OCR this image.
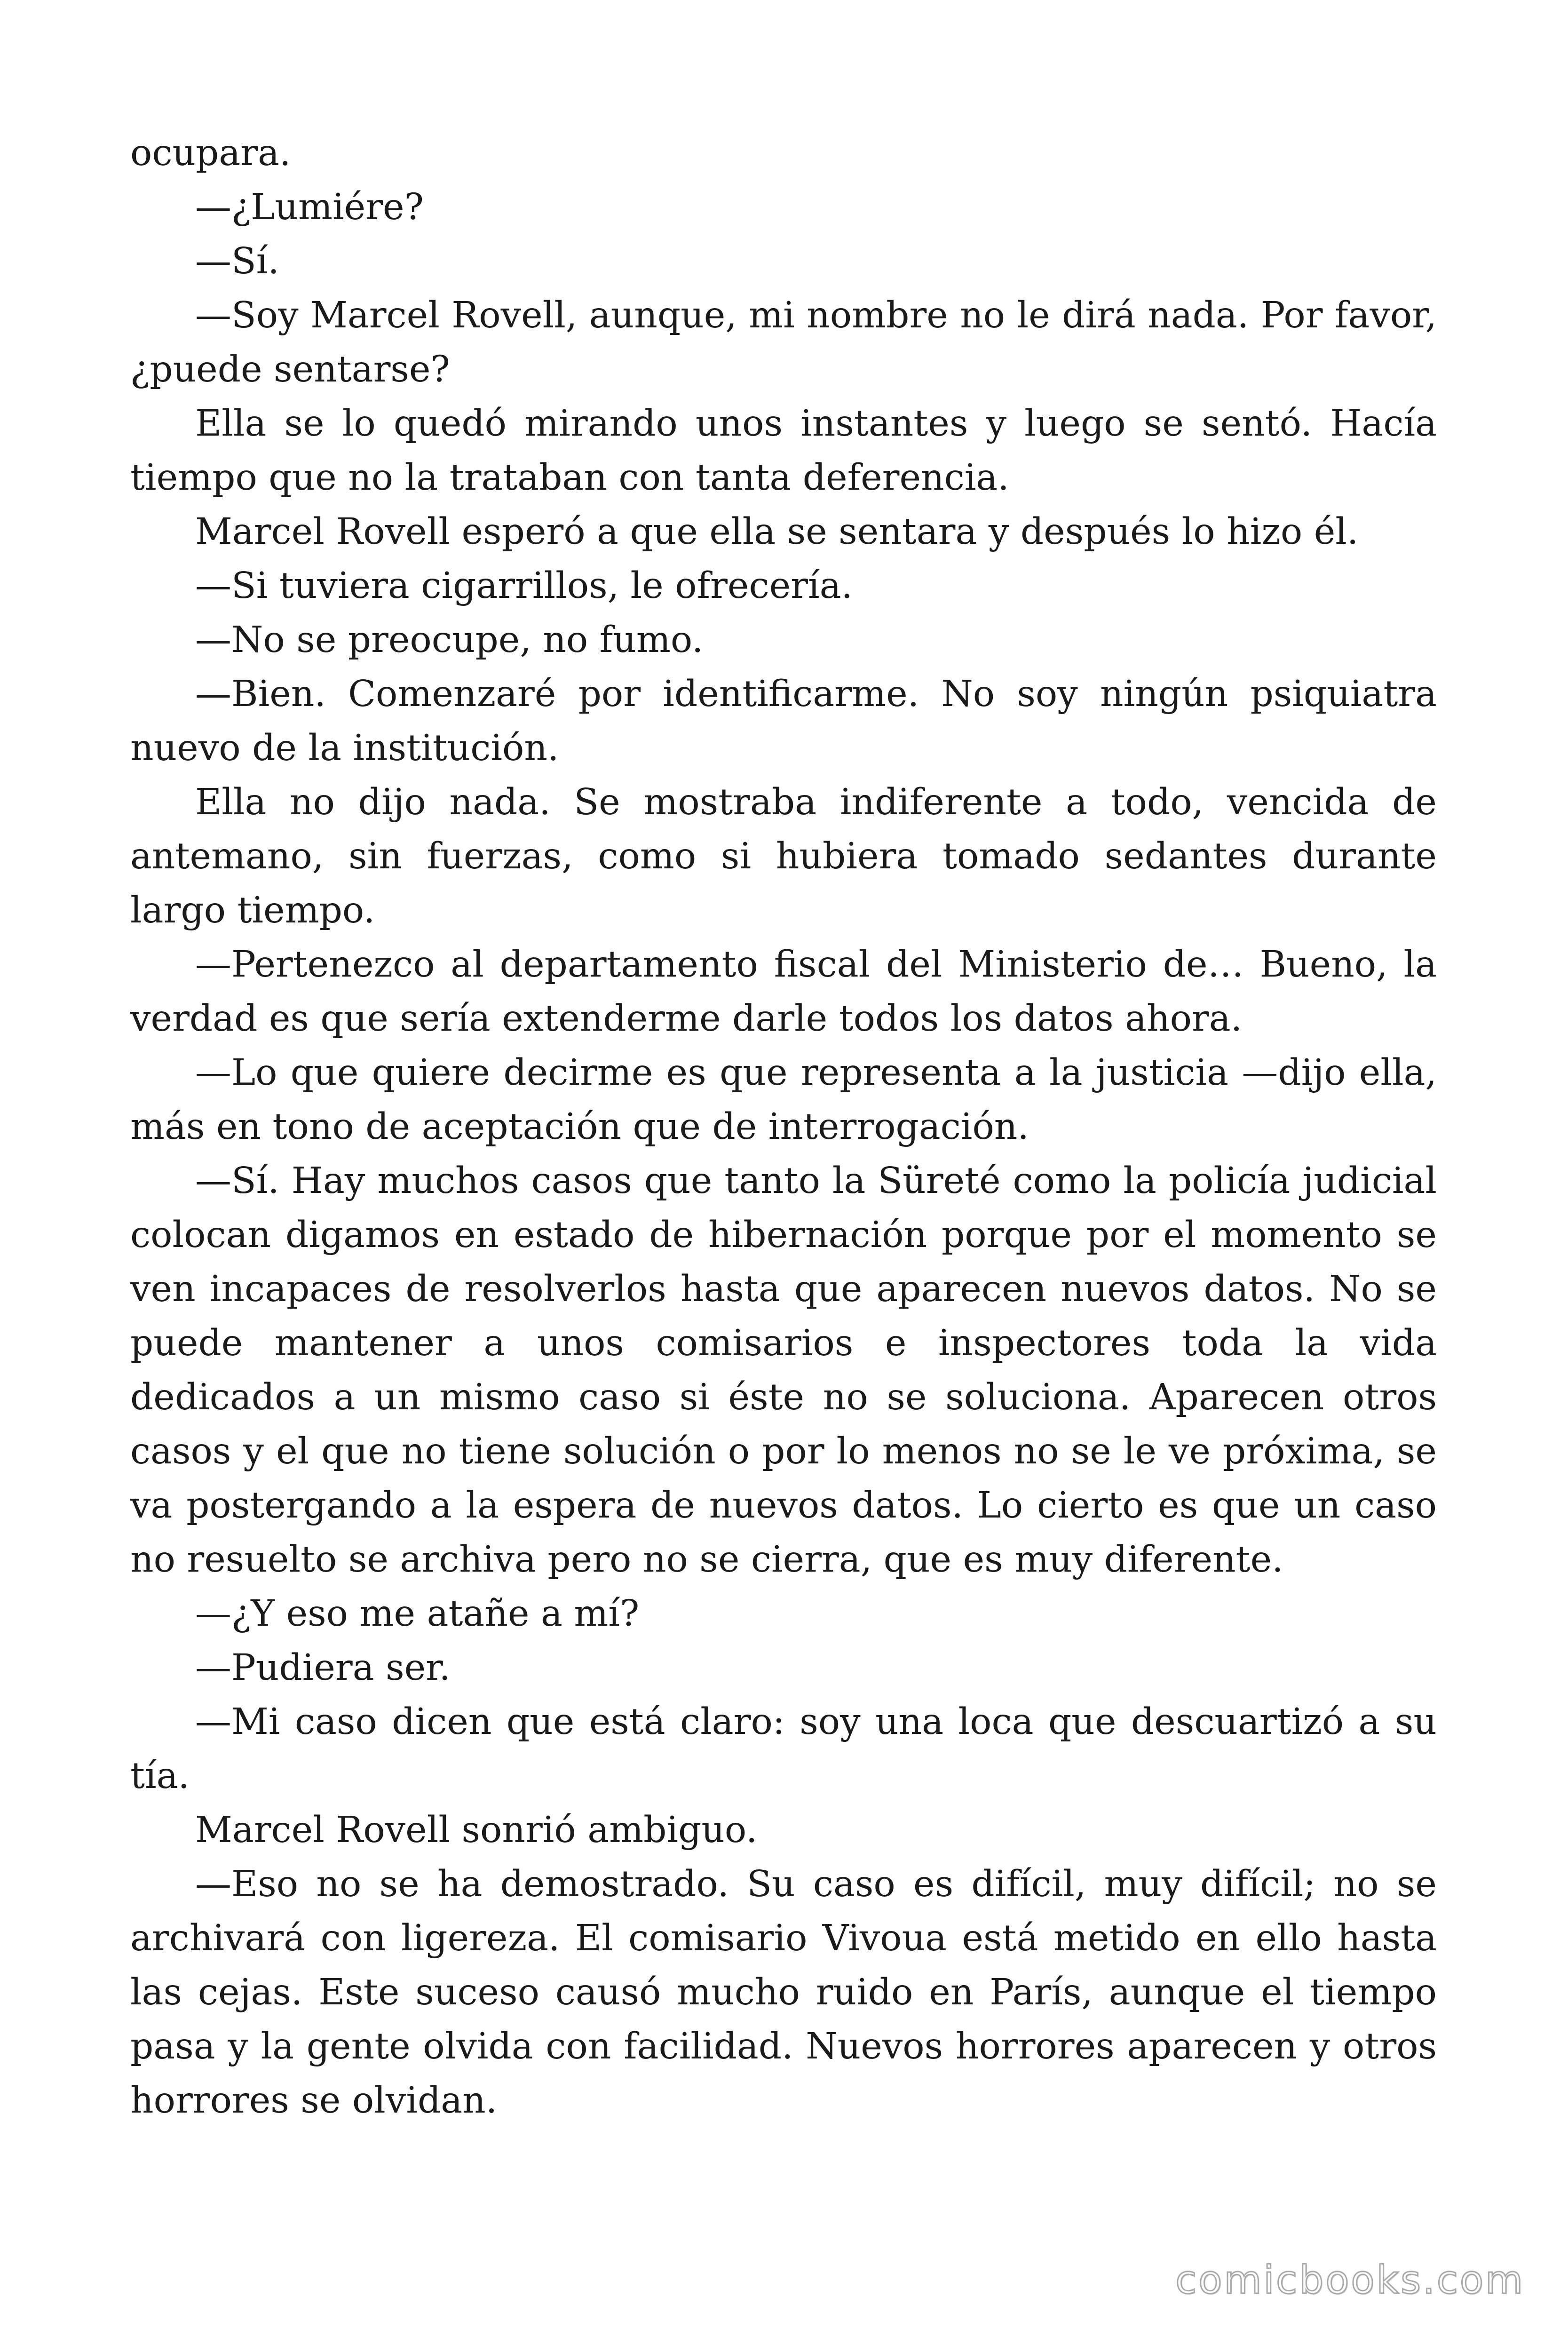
ocupara.

—¿Lumiére?

—Sí.

—Soy Marcel Rovell, aunque, mi nombre no le dirá nada. Por favor, ¿puede sentarse?

Ella se lo quedó mirando unos instantes y luego se sentó. Hacía tiempo que no la trataban con tanta deferencia.

Marcel Rovell esperó a que ella se sentara y después lo hizo él.

—Si tuviera cigarrillos, le ofrecería.

—No se preocupe, no fumo.

—Bien. Comenzaré por identificarme. No soy ningún psiquiatra nuevo de la institución.

Ella no dijo nada. Se mostraba indiferente a todo, vencida de antemano, sin fuerzas, como si hubiera tomado sedantes durante largo tiempo.

—Pertenezco al departamento fiscal del Ministerio de… Bueno, la verdad es que sería extenderme darle todos los datos ahora.

—Lo que quiere decirme es que representa a la justicia —dijo ella, más en tono de aceptación que de interrogación.

—Sí. Hay muchos casos que tanto la Süreté como la policía judicial colocan digamos en estado de hibernación porque por el momento se ven incapaces de resolverlos hasta que aparecen nuevos datos. No se puede mantener a unos comisarios e inspectores toda la vida dedicados a un mismo caso si éste no se soluciona. Aparecen otros casos y el que no tiene solución o por lo menos no se le ve próxima, se va postergando a la espera de nuevos datos. Lo cierto es que un caso no resuelto se archiva pero no se cierra, que es muy diferente.

—¿Y eso me atañe a mí?

—Pudiera ser.

—Mi caso dicen que está claro: soy una loca que descuartizó a su tía.

Marcel Rovell sonrió ambiguo.

—Eso no se ha demostrado. Su caso es difícil, muy difícil; no se archivará con ligereza. El comisario Vivoua está metido en ello hasta las cejas. Este suceso causó mucho ruido en París, aunque el tiempo pasa y la gente olvida con facilidad. Nuevos horrores aparecen y otros horrores se olvidan.

comicbooks.com
